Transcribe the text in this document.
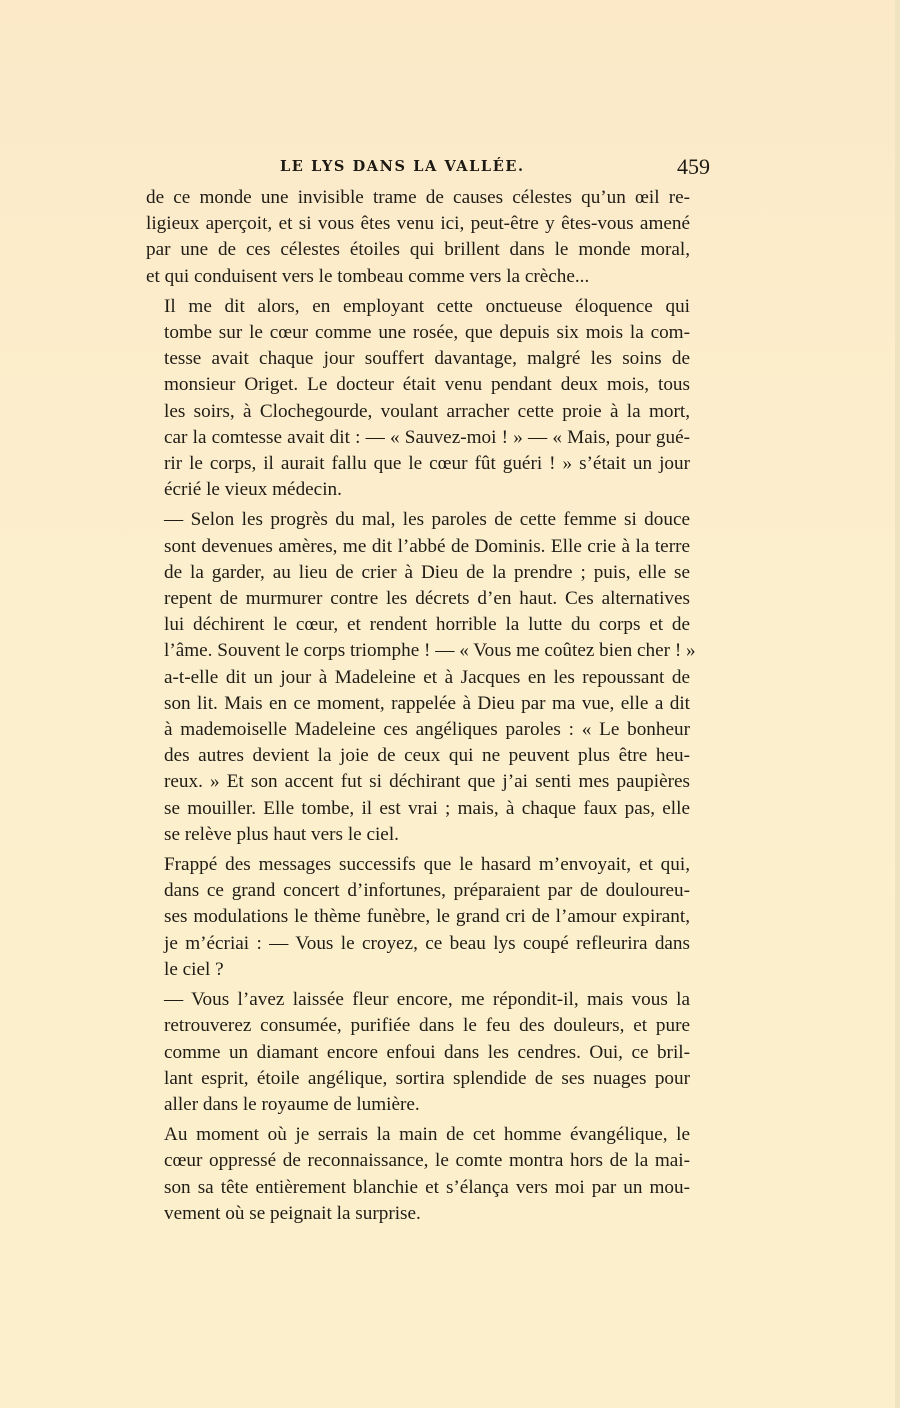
LE LYS DANS LA VALLÉE.	459

de ce monde une invisible trame de causes célestes qu’un œil re-
ligieux aperçoit, et si vous êtes venu ici, peut-être y êtes-vous amené
par une de ces célestes étoiles qui brillent dans le monde moral,
et qui conduisent vers le tombeau comme vers la crèche...

Il me dit alors, en employant cette onctueuse éloquence qui
tombe sur le cœur comme une rosée, que depuis six mois la com-
tesse avait chaque jour souffert davantage, malgré les soins de
monsieur Origet. Le docteur était venu pendant deux mois, tous
les soirs, à Clochegourde, voulant arracher cette proie à la mort,
car la comtesse avait dit : — « Sauvez-moi ! » — « Mais, pour gué-
rir le corps, il aurait fallu que le cœur fût guéri ! » s’était un jour
écrié le vieux médecin.

— Selon les progrès du mal, les paroles de cette femme si douce
sont devenues amères, me dit l’abbé de Dominis. Elle crie à la terre
de la garder, au lieu de crier à Dieu de la prendre ; puis, elle se
repent de murmurer contre les décrets d’en haut. Ces alternatives
lui déchirent le cœur, et rendent horrible la lutte du corps et de
l’âme. Souvent le corps triomphe ! — « Vous me coûtez bien cher ! »
a-t-elle dit un jour à Madeleine et à Jacques en les repoussant de
son lit. Mais en ce moment, rappelée à Dieu par ma vue, elle a dit
à mademoiselle Madeleine ces angéliques paroles : « Le bonheur
des autres devient la joie de ceux qui ne peuvent plus être heu-
reux. » Et son accent fut si déchirant que j’ai senti mes paupières
se mouiller. Elle tombe, il est vrai ; mais, à chaque faux pas, elle
se relève plus haut vers le ciel.

Frappé des messages successifs que le hasard m’envoyait, et qui,
dans ce grand concert d’infortunes, préparaient par de douloureu-
ses modulations le thème funèbre, le grand cri de l’amour expirant,
je m’écriai : — Vous le croyez, ce beau lys coupé refleurira dans
le ciel ?

— Vous l’avez laissée fleur encore, me répondit-il, mais vous la
retrouverez consumée, purifiée dans le feu des douleurs, et pure
comme un diamant encore enfoui dans les cendres. Oui, ce bril-
lant esprit, étoile angélique, sortira splendide de ses nuages pour
aller dans le royaume de lumière.

Au moment où je serrais la main de cet homme évangélique, le
cœur oppressé de reconnaissance, le comte montra hors de la mai-
son sa tête entièrement blanchie et s’élança vers moi par un mou-
vement où se peignait la surprise.
